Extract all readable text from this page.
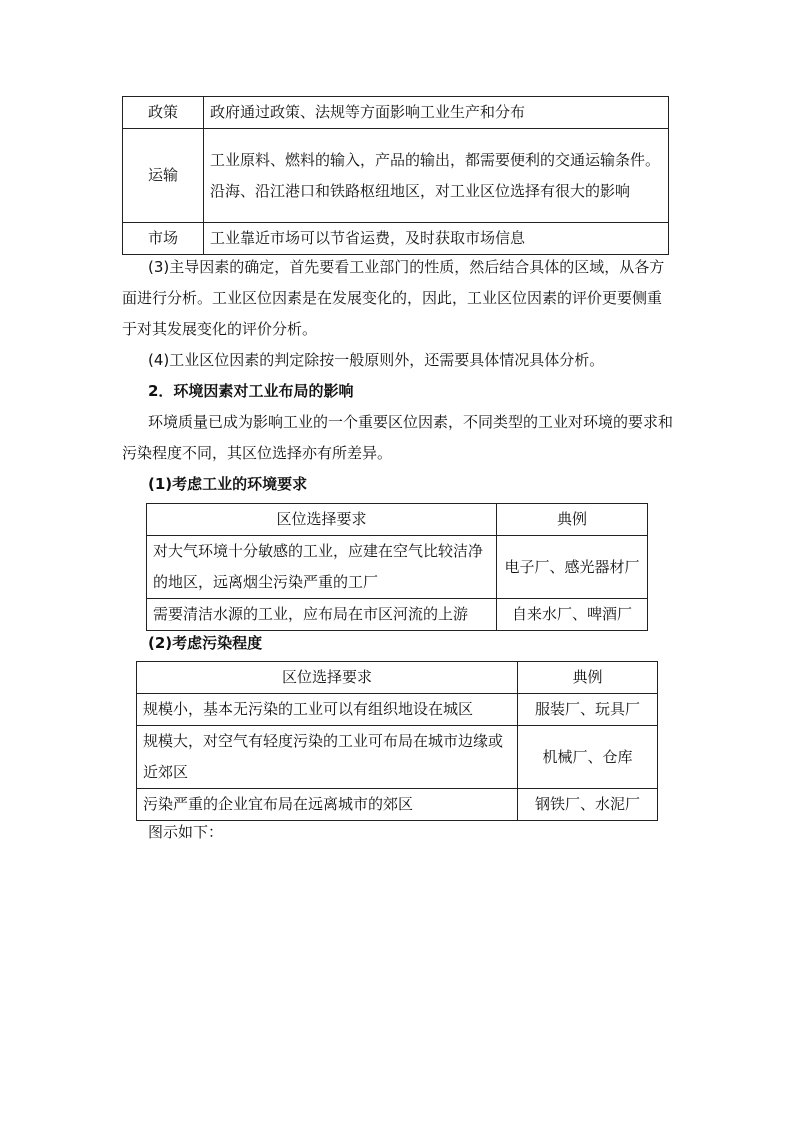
政策	政府通过政策、法规等方面影响工业生产和分布
运输	工业原料、燃料的输入，产品的输出，都需要便利的交通运输条件。沿海、沿江港口和铁路枢纽地区，对工业区位选择有很大的影响
市场	工业靠近市场可以节省运费，及时获取市场信息

(3)主导因素的确定，首先要看工业部门的性质，然后结合具体的区域，从各方面进行分析。工业区位因素是在发展变化的，因此，工业区位因素的评价更要侧重于对其发展变化的评价分析。

(4)工业区位因素的判定除按一般原则外，还需要具体情况具体分析。

2．环境因素对工业布局的影响

环境质量已成为影响工业的一个重要区位因素，不同类型的工业对环境的要求和污染程度不同，其区位选择亦有所差异。

(1)考虑工业的环境要求

区位选择要求	典例
对大气环境十分敏感的工业，应建在空气比较洁净的地区，远离烟尘污染严重的工厂	电子厂、感光器材厂
需要清洁水源的工业，应布局在市区河流的上游	自来水厂、啤酒厂

(2)考虑污染程度

区位选择要求	典例
规模小，基本无污染的工业可以有组织地设在城区	服装厂、玩具厂
规模大，对空气有轻度污染的工业可布局在城市边缘或近郊区	机械厂、仓库
污染严重的企业宜布局在远离城市的郊区	钢铁厂、水泥厂

图示如下：
